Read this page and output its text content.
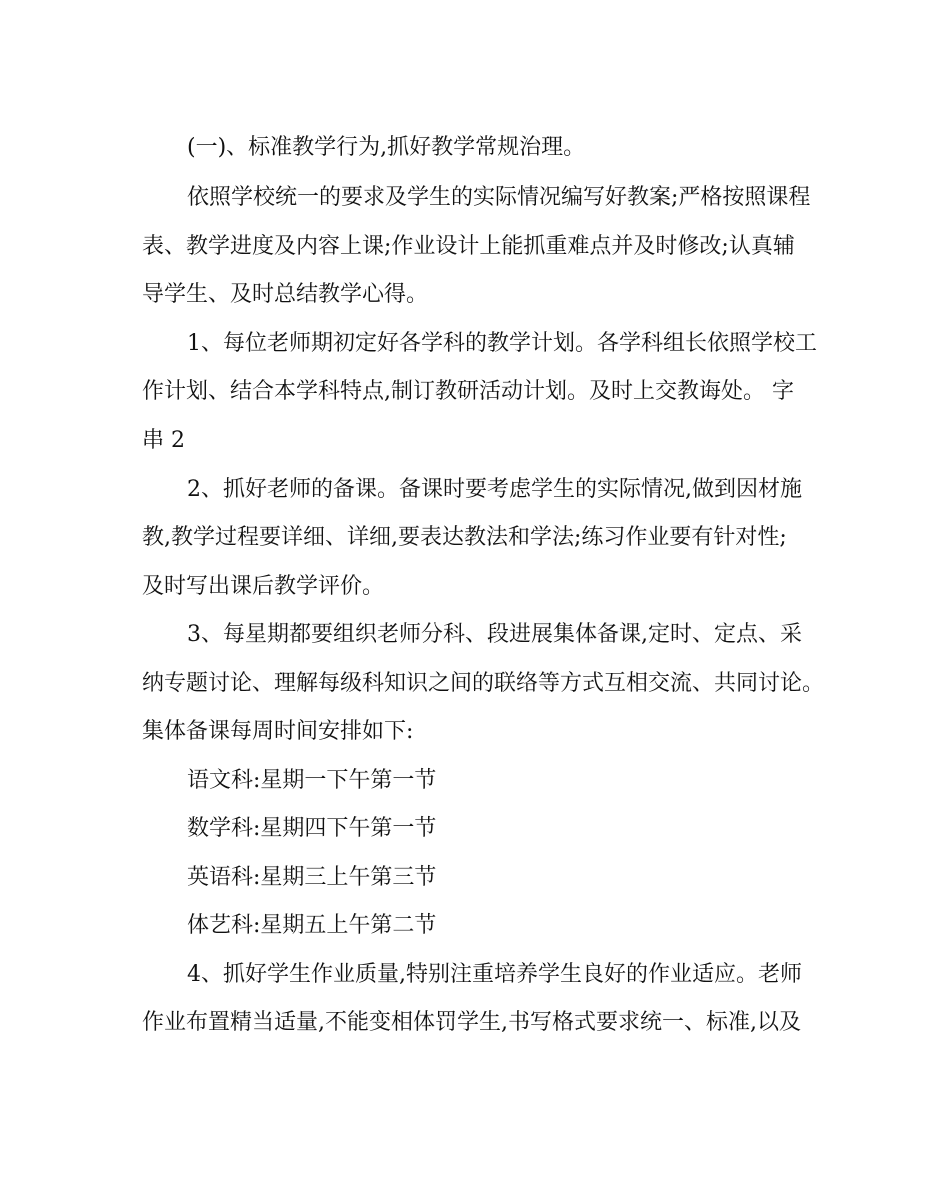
(一)、标准教学行为,抓好教学常规治理。
依照学校统一的要求及学生的实际情况编写好教案;严格按照课程
表、教学进度及内容上课;作业设计上能抓重难点并及时修改;认真辅
导学生、及时总结教学心得。
1、每位老师期初定好各学科的教学计划。各学科组长依照学校工
作计划、结合本学科特点,制订教研活动计划。及时上交教诲处。 字
串 2
2、抓好老师的备课。备课时要考虑学生的实际情况,做到因材施
教,教学过程要详细、详细,要表达教法和学法;练习作业要有针对性;
及时写出课后教学评价。
3、每星期都要组织老师分科、段进展集体备课,定时、定点、采
纳专题讨论、理解每级科知识之间的联络等方式互相交流、共同讨论。
集体备课每周时间安排如下:
语文科:星期一下午第一节
数学科:星期四下午第一节
英语科:星期三上午第三节
体艺科:星期五上午第二节
4、抓好学生作业质量,特别注重培养学生良好的作业适应。老师
作业布置精当适量,不能变相体罚学生,书写格式要求统一、标准,以及
